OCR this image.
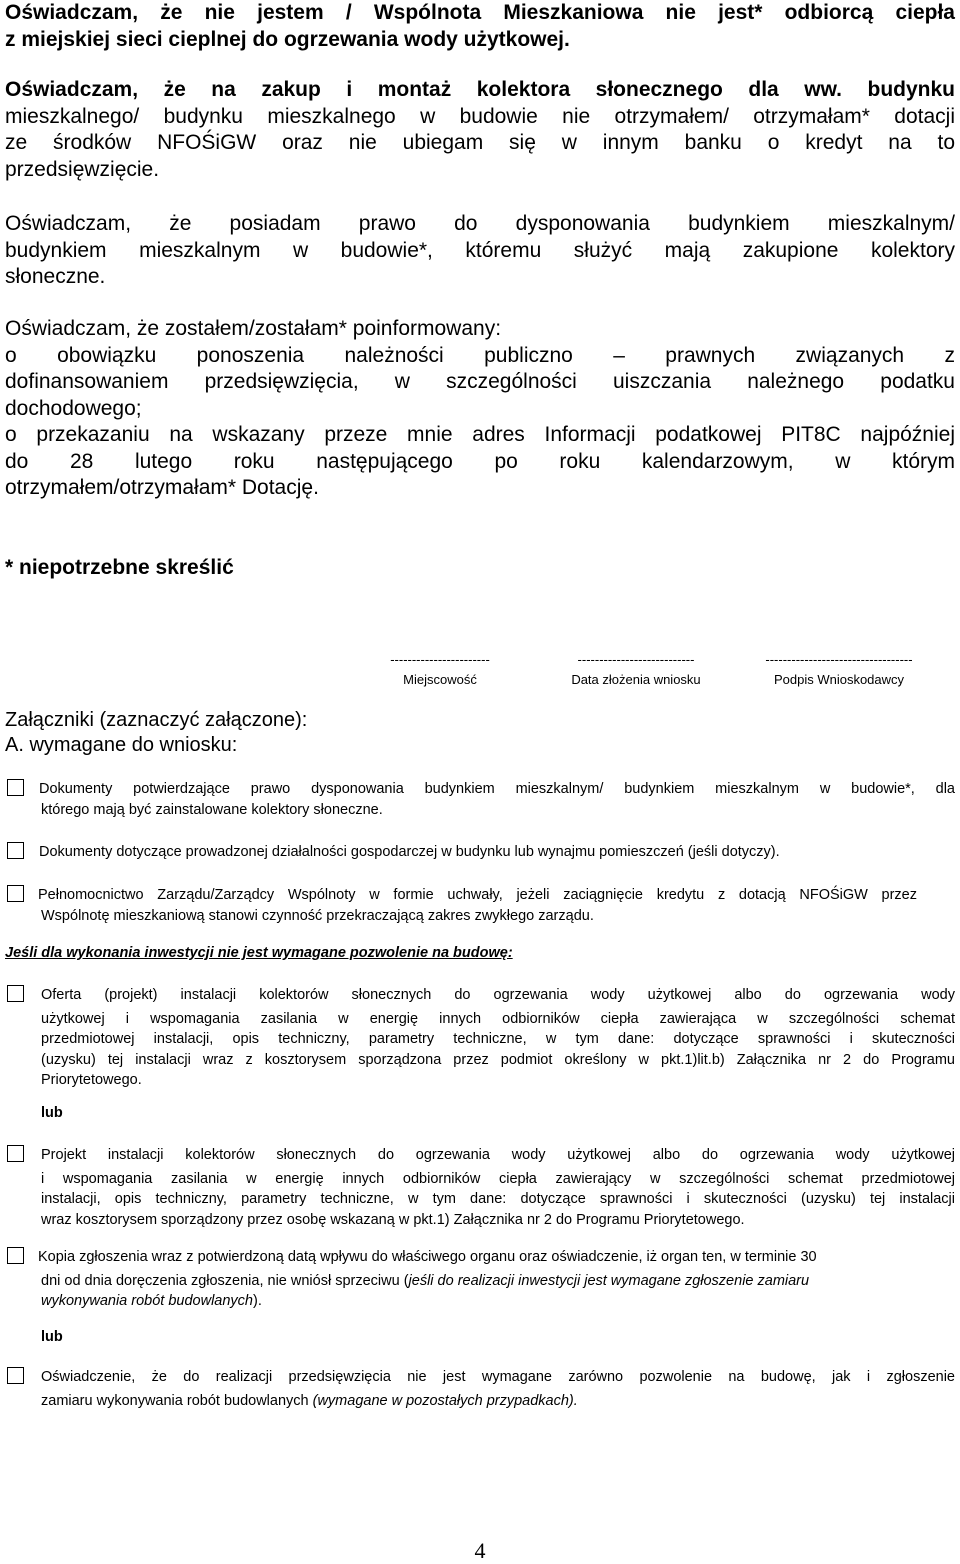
Oświadczam, że nie jestem / Wspólnota Mieszkaniowa nie jest* odbiorcą ciepła
z miejskiej sieci cieplnej do ogrzewania wody użytkowej.
Oświadczam, że na zakup i montaż kolektora słonecznego dla ww. budynku
mieszkalnego/ budynku mieszkalnego w budowie nie otrzymałem/ otrzymałam* dotacji
ze środków NFOŚiGW oraz nie ubiegam się w innym banku o kredyt na to
przedsięwzięcie.
Oświadczam, że posiadam prawo do dysponowania budynkiem mieszkalnym/
budynkiem mieszkalnym w budowie*, któremu służyć mają zakupione kolektory
słoneczne.
Oświadczam, że zostałem/zostałam* poinformowany:
o obowiązku ponoszenia należności publiczno – prawnych związanych z
dofinansowaniem przedsięwzięcia, w szczególności uiszczania należnego podatku
dochodowego;
o przekazaniu na wskazany przeze mnie adres Informacji podatkowej PIT8C najpóźniej
do 28 lutego roku następującego po roku kalendarzowym, w którym
otrzymałem/otrzymałam* Dotację.
* niepotrzebne skreślić
-----------------------
Miejscowość
---------------------------
Data złożenia wniosku
----------------------------------
Podpis Wnioskodawcy
Załączniki (zaznaczyć załączone):
A. wymagane do wniosku:
Dokumenty potwierdzające prawo dysponowania budynkiem mieszkalnym/ budynkiem mieszkalnym w budowie*, dla
którego mają być zainstalowane kolektory słoneczne.
Dokumenty dotyczące prowadzonej działalności gospodarczej w budynku lub wynajmu pomieszczeń (jeśli dotyczy).
Pełnomocnictwo Zarządu/Zarządcy Wspólnoty w formie uchwały, jeżeli zaciągnięcie kredytu z dotacją NFOŚiGW przez
Wspólnotę mieszkaniową stanowi czynność przekraczającą zakres zwykłego zarządu.
Jeśli dla wykonania inwestycji nie jest wymagane pozwolenie na budowę:
Oferta (projekt) instalacji kolektorów słonecznych do ogrzewania wody użytkowej albo do ogrzewania wody
użytkowej i wspomagania zasilania w energię innych odbiorników ciepła zawierająca w szczególności schemat
przedmiotowej instalacji, opis techniczny, parametry techniczne, w tym dane: dotyczące sprawności i skuteczności
(uzysku) tej instalacji wraz z kosztorysem sporządzona przez podmiot określony w pkt.1)lit.b) Załącznika nr 2 do Programu
Priorytetowego.
lub
Projekt instalacji kolektorów słonecznych do ogrzewania wody użytkowej albo do ogrzewania wody użytkowej
i wspomagania zasilania w energię innych odbiorników ciepła zawierający w szczególności schemat przedmiotowej
instalacji, opis techniczny, parametry techniczne, w tym dane: dotyczące sprawności i skuteczności (uzysku) tej instalacji
wraz kosztorysem sporządzony przez osobę wskazaną w pkt.1) Załącznika nr 2 do Programu Priorytetowego.
Kopia zgłoszenia wraz z potwierdzoną datą wpływu do właściwego organu oraz oświadczenie, iż organ ten, w terminie 30
dni od dnia doręczenia zgłoszenia, nie wniósł sprzeciwu (jeśli do realizacji inwestycji jest wymagane zgłoszenie zamiaru
wykonywania robót budowlanych).
lub
Oświadczenie, że do realizacji przedsięwzięcia nie jest wymagane zarówno pozwolenie na budowę, jak i zgłoszenie
zamiaru wykonywania robót budowlanych (wymagane w pozostałych przypadkach).
4
